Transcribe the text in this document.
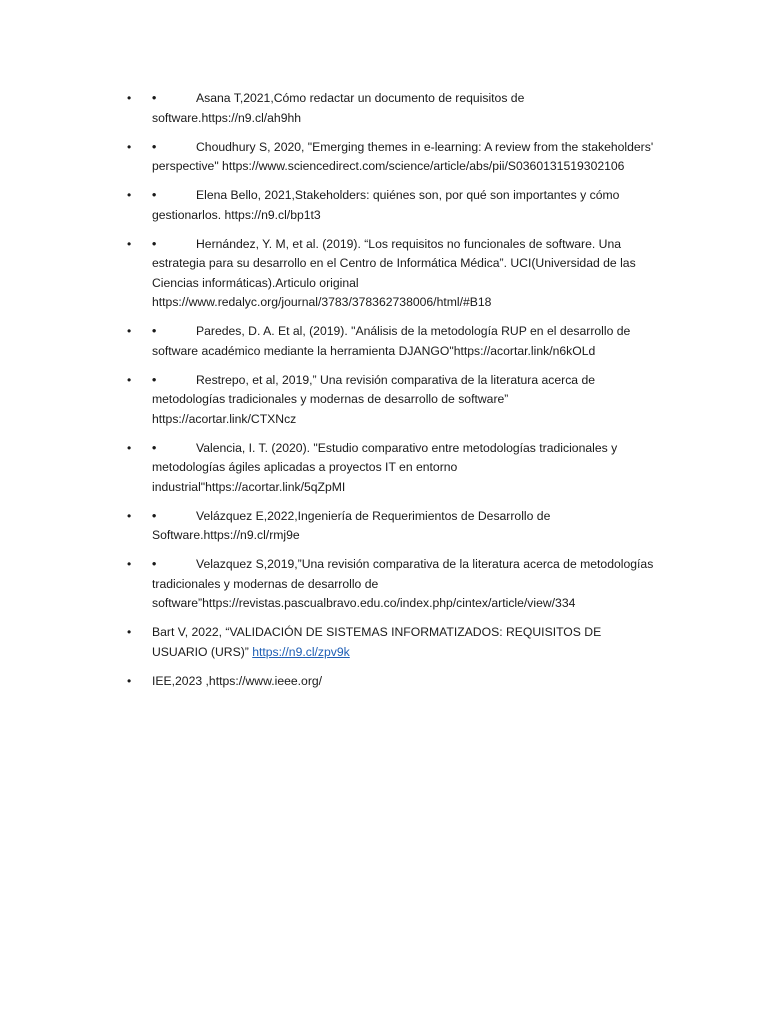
• •	Asana T,2021,Cómo redactar un documento de requisitos de software.https://n9.cl/ah9hh
• •	Choudhury S, 2020, "Emerging themes in e-learning: A review from the stakeholders' perspective" https://www.sciencedirect.com/science/article/abs/pii/S0360131519302106
• •	Elena Bello, 2021,Stakeholders: quiénes son, por qué son importantes y cómo gestionarlos. https://n9.cl/bp1t3
• •	Hernández, Y. M, et al. (2019). “Los requisitos no funcionales de software. Una estrategia para su desarrollo en el Centro de Informática Médica”. UCI(Universidad de las Ciencias informáticas).Articulo original https://www.redalyc.org/journal/3783/378362738006/html/#B18
• •	Paredes, D. A. Et al, (2019). "Análisis de la metodología RUP en el desarrollo de software académico mediante la herramienta DJANGO"https://acortar.link/n6kOLd
• •	Restrepo, et al, 2019,” Una revisión comparativa de la literatura acerca de metodologías tradicionales y modernas de desarrollo de software” https://acortar.link/CTXNcz
• •	Valencia, I. T. (2020). "Estudio comparativo entre metodologías tradicionales y metodologías ágiles aplicadas a proyectos IT en entorno industrial"https://acortar.link/5qZpMI
• •	Velázquez E,2022,Ingeniería de Requerimientos de Desarrollo de Software.https://n9.cl/rmj9e
• •	Velazquez S,2019,”Una revisión comparativa de la literatura acerca de metodologías tradicionales y modernas de desarrollo de software”https://revistas.pascualbravo.edu.co/index.php/cintex/article/view/334
• Bart V, 2022, “VALIDACIÓN DE SISTEMAS INFORMATIZADOS: REQUISITOS DE USUARIO (URS)” https://n9.cl/zpv9k
• IEE,2023 ,https://www.ieee.org/
